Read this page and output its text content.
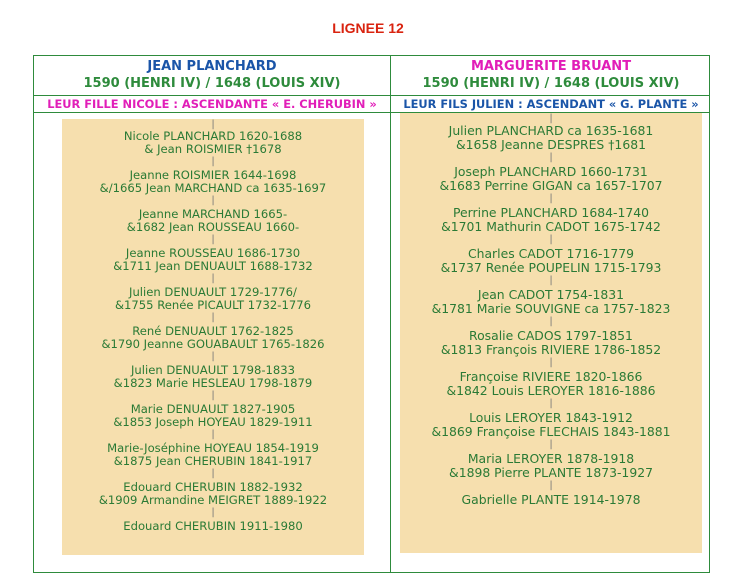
LIGNEE 12
JEAN PLANCHARD
1590 (HENRI IV) / 1648 (LOUIS XIV)
MARGUERITE BRUANT
1590 (HENRI IV) / 1648 (LOUIS XIV)
LEUR FILLE NICOLE : ASCENDANTE « E. CHERUBIN »	LEUR FILS JULIEN : ASCENDANT « G. PLANTE »
|
Nicole PLANCHARD 1620-1688
& Jean ROISMIER †1678
|
Jeanne ROISMIER 1644-1698
&/1665 Jean MARCHAND ca 1635-1697
|
Jeanne MARCHAND 1665-
&1682 Jean ROUSSEAU 1660-
|
Jeanne ROUSSEAU 1686-1730
&1711 Jean DENUAULT 1688-1732
|
Julien DENUAULT 1729-1776/
&1755 Renée PICAULT 1732-1776
|
René DENUAULT 1762-1825
&1790 Jeanne GOUABAULT 1765-1826
|
Julien DENUAULT 1798-1833
&1823 Marie HESLEAU 1798-1879
|
Marie DENUAULT 1827-1905
&1853 Joseph HOYEAU 1829-1911
|
Marie-Joséphine HOYEAU 1854-1919
&1875 Jean CHERUBIN 1841-1917
|
Edouard CHERUBIN 1882-1932
&1909 Armandine MEIGRET 1889-1922
|
Edouard CHERUBIN 1911-1980
|
Julien PLANCHARD ca 1635-1681
&1658 Jeanne DESPRES †1681
|
Joseph PLANCHARD 1660-1731
&1683 Perrine GIGAN ca 1657-1707
|
Perrine PLANCHARD 1684-1740
&1701 Mathurin CADOT 1675-1742
|
Charles CADOT 1716-1779
&1737 Renée POUPELIN 1715-1793
|
Jean CADOT 1754-1831
&1781 Marie SOUVIGNE ca 1757-1823
|
Rosalie CADOS 1797-1851
&1813 François RIVIERE 1786-1852
|
Françoise RIVIERE 1820-1866
&1842 Louis LEROYER 1816-1886
|
Louis LEROYER 1843-1912
&1869 Françoise FLECHAIS 1843-1881
|
Maria LEROYER 1878-1918
&1898 Pierre PLANTE 1873-1927
|
Gabrielle PLANTE 1914-1978
